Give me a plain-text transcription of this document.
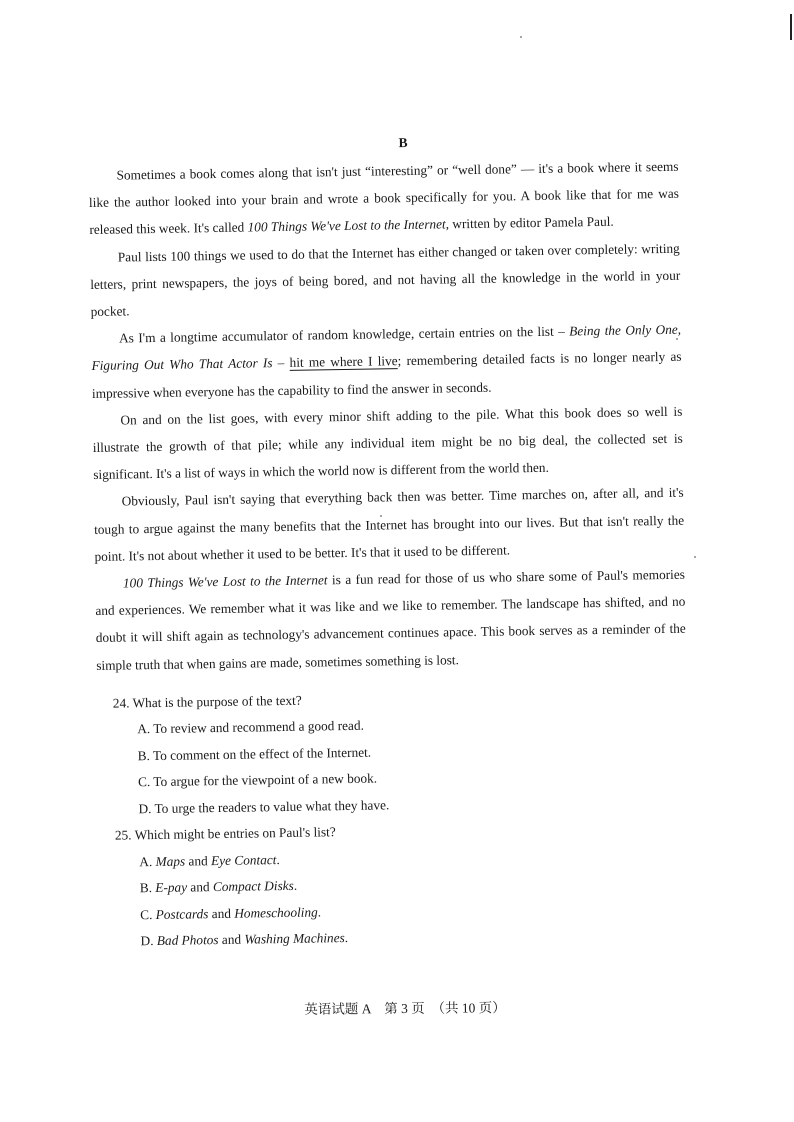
B

Sometimes a book comes along that isn't just “interesting” or “well done” — it's a book where it seems like the author looked into your brain and wrote a book specifically for you. A book like that for me was released this week. It's called 100 Things We've Lost to the Internet, written by editor Pamela Paul.

Paul lists 100 things we used to do that the Internet has either changed or taken over completely: writing letters, print newspapers, the joys of being bored, and not having all the knowledge in the world in your pocket.

As I'm a longtime accumulator of random knowledge, certain entries on the list – Being the Only One, Figuring Out Who That Actor Is – hit me where I live; remembering detailed facts is no longer nearly as impressive when everyone has the capability to find the answer in seconds.

On and on the list goes, with every minor shift adding to the pile. What this book does so well is illustrate the growth of that pile; while any individual item might be no big deal, the collected set is significant. It's a list of ways in which the world now is different from the world then.

Obviously, Paul isn't saying that everything back then was better. Time marches on, after all, and it's tough to argue against the many benefits that the Internet has brought into our lives. But that isn't really the point. It's not about whether it used to be better. It's that it used to be different.

100 Things We've Lost to the Internet is a fun read for those of us who share some of Paul's memories and experiences. We remember what it was like and we like to remember. The landscape has shifted, and no doubt it will shift again as technology's advancement continues apace. This book serves as a reminder of the simple truth that when gains are made, sometimes something is lost.

24. What is the purpose of the text?

A. To review and recommend a good read.

B. To comment on the effect of the Internet.

C. To argue for the viewpoint of a new book.

D. To urge the readers to value what they have.

25. Which might be entries on Paul's list?

A. Maps and Eye Contact.

B. E-pay and Compact Disks.

C. Postcards and Homeschooling.

D. Bad Photos and Washing Machines.

英语试题 A　第 3 页　（共 10 页）
